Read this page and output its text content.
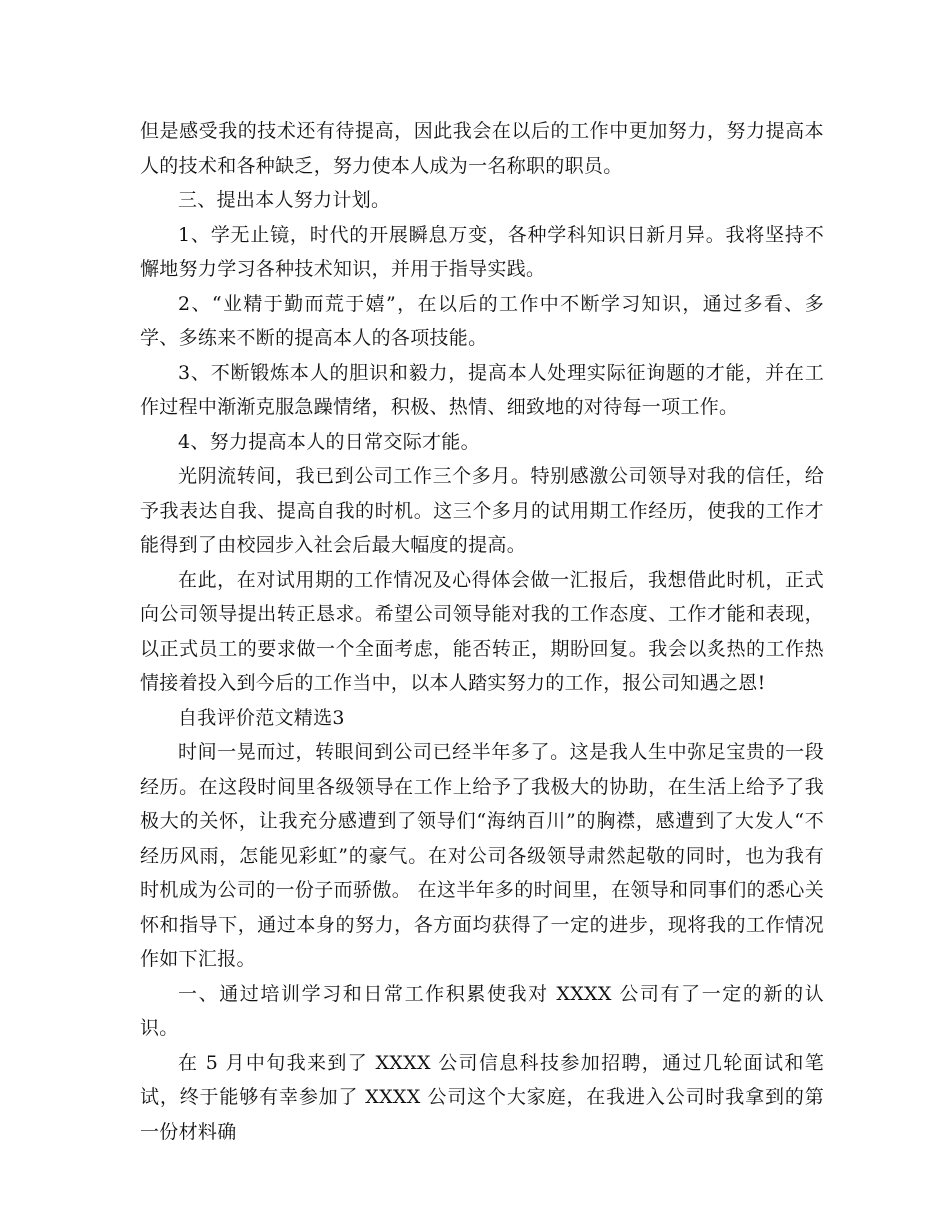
但是感受我的技术还有待提高，因此我会在以后的工作中更加努力，努力提高本人的技术和各种缺乏，努力使本人成为一名称职的职员。

三、提出本人努力计划。

1、学无止镜，时代的开展瞬息万变，各种学科知识日新月异。我将坚持不懈地努力学习各种技术知识，并用于指导实践。

2、“业精于勤而荒于嬉”，在以后的工作中不断学习知识，通过多看、多学、多练来不断的提高本人的各项技能。

3、不断锻炼本人的胆识和毅力，提高本人处理实际征询题的才能，并在工作过程中渐渐克服急躁情绪，积极、热情、细致地的对待每一项工作。

4、努力提高本人的日常交际才能。

光阴流转间，我已到公司工作三个多月。特别感激公司领导对我的信任，给予我表达自我、提高自我的时机。这三个多月的试用期工作经历，使我的工作才能得到了由校园步入社会后最大幅度的提高。

在此，在对试用期的工作情况及心得体会做一汇报后，我想借此时机，正式向公司领导提出转正恳求。希望公司领导能对我的工作态度、工作才能和表现，以正式员工的要求做一个全面考虑，能否转正，期盼回复。我会以炙热的工作热情接着投入到今后的工作当中，以本人踏实努力的工作，报公司知遇之恩!

自我评价范文精选3

时间一晃而过，转眼间到公司已经半年多了。这是我人生中弥足宝贵的一段经历。在这段时间里各级领导在工作上给予了我极大的协助，在生活上给予了我极大的关怀，让我充分感遭到了领导们“海纳百川”的胸襟，感遭到了大发人“不经历风雨，怎能见彩虹”的豪气。在对公司各级领导肃然起敬的同时，也为我有时机成为公司的一份子而骄傲。 在这半年多的时间里，在领导和同事们的悉心关怀和指导下，通过本身的努力，各方面均获得了一定的进步，现将我的工作情况作如下汇报。

一、通过培训学习和日常工作积累使我对 XXXX 公司有了一定的新的认识。

在 5 月中旬我来到了 XXXX 公司信息科技参加招聘，通过几轮面试和笔试，终于能够有幸参加了 XXXX 公司这个大家庭，在我进入公司时我拿到的第一份材料确
